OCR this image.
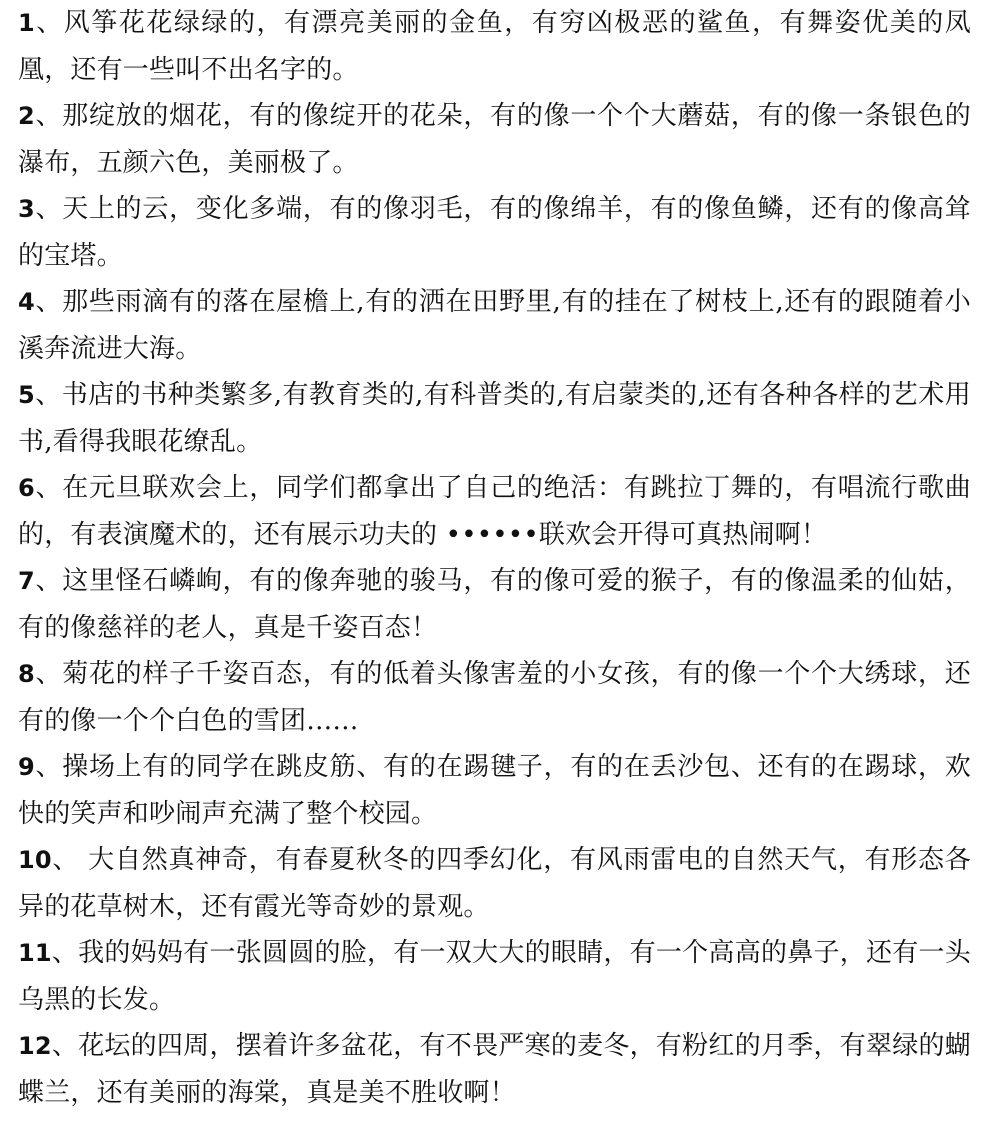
1、风筝花花绿绿的，有漂亮美丽的金鱼，有穷凶极恶的鲨鱼，有舞姿优美的凤凰，还有一些叫不出名字的。
2、那绽放的烟花，有的像绽开的花朵，有的像一个个大蘑菇，有的像一条银色的瀑布，五颜六色，美丽极了。
3、天上的云，变化多端，有的像羽毛，有的像绵羊，有的像鱼鳞，还有的像高耸的宝塔。
4、那些雨滴有的落在屋檐上,有的洒在田野里,有的挂在了树枝上,还有的跟随着小溪奔流进大海。
5、书店的书种类繁多,有教育类的,有科普类的,有启蒙类的,还有各种各样的艺术用书,看得我眼花缭乱。
6、在元旦联欢会上，同学们都拿出了自己的绝活：有跳拉丁舞的，有唱流行歌曲的，有表演魔术的，还有展示功夫的 ••••••联欢会开得可真热闹啊！
7、这里怪石嶙峋，有的像奔驰的骏马，有的像可爱的猴子，有的像温柔的仙姑，有的像慈祥的老人，真是千姿百态！
8、菊花的样子千姿百态，有的低着头像害羞的小女孩，有的像一个个大绣球，还有的像一个个白色的雪团……
9、操场上有的同学在跳皮筋、有的在踢毽子，有的在丢沙包、还有的在踢球，欢快的笑声和吵闹声充满了整个校园。
10、 大自然真神奇，有春夏秋冬的四季幻化，有风雨雷电的自然天气，有形态各异的花草树木，还有霞光等奇妙的景观。
11、我的妈妈有一张圆圆的脸，有一双大大的眼睛，有一个高高的鼻子，还有一头乌黑的长发。
12、花坛的四周，摆着许多盆花，有不畏严寒的麦冬，有粉红的月季，有翠绿的蝴蝶兰，还有美丽的海棠，真是美不胜收啊！
